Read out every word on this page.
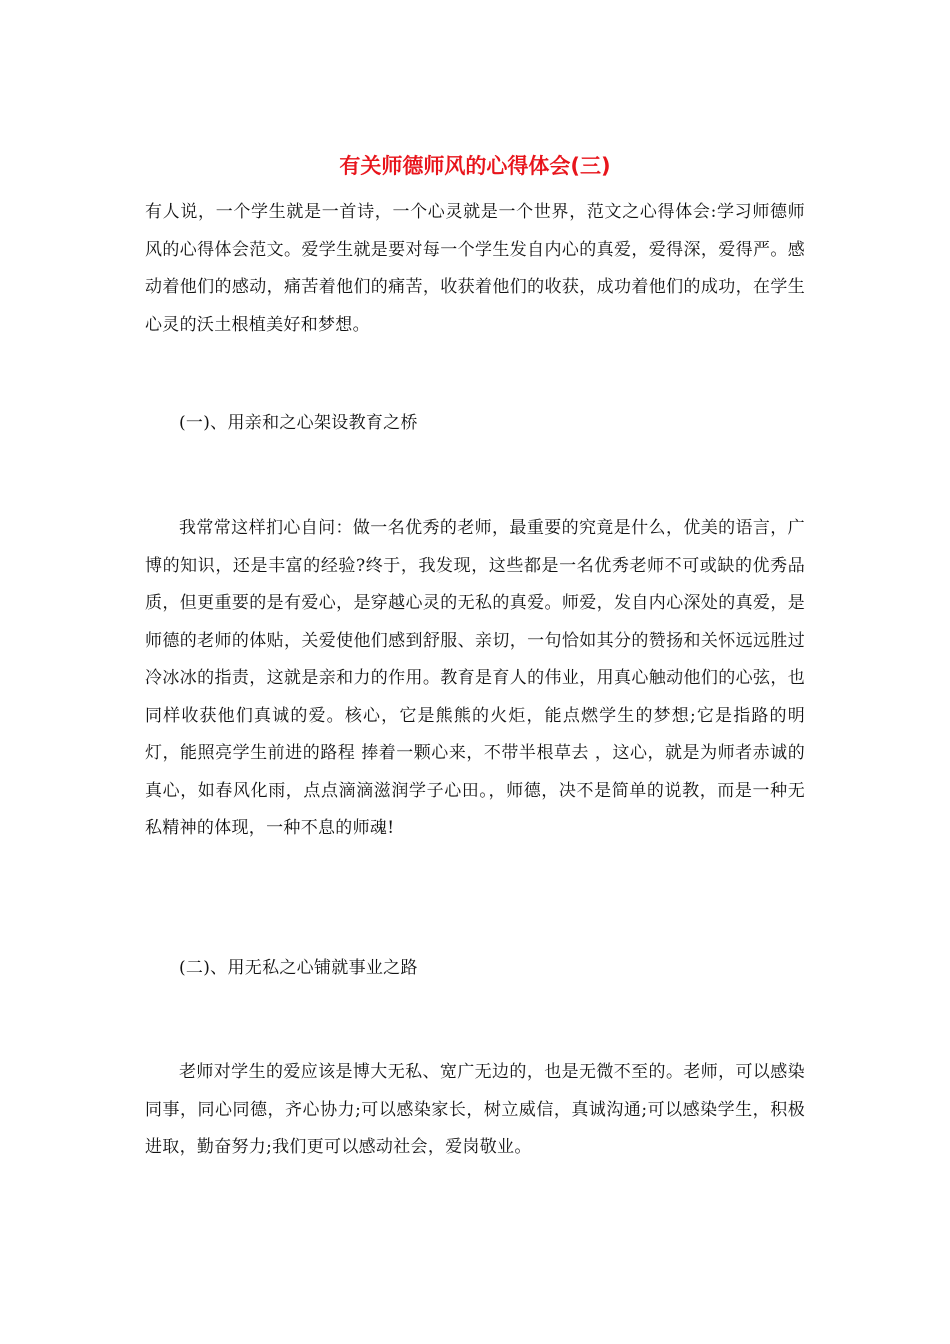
有关师德师风的心得体会(三)

有人说，一个学生就是一首诗，一个心灵就是一个世界，范文之心得体会:学习师德师风的心得体会范文。爱学生就是要对每一个学生发自内心的真爱，爱得深，爱得严。感动着他们的感动，痛苦着他们的痛苦，收获着他们的收获，成功着他们的成功，在学生心灵的沃土根植美好和梦想。

(一)、用亲和之心架设教育之桥

我常常这样扪心自问：做一名优秀的老师，最重要的究竟是什么，优美的语言，广博的知识，还是丰富的经验?终于，我发现，这些都是一名优秀老师不可或缺的优秀品质，但更重要的是有爱心，是穿越心灵的无私的真爱。师爱，发自内心深处的真爱，是师德的老师的体贴，关爱使他们感到舒服、亲切，一句恰如其分的赞扬和关怀远远胜过冷冰冰的指责，这就是亲和力的作用。教育是育人的伟业，用真心触动他们的心弦，也同样收获他们真诚的爱。核心，它是熊熊的火炬，能点燃学生的梦想;它是指路的明灯，能照亮学生前进的路程 捧着一颗心来，不带半根草去 ，这心，就是为师者赤诚的真心，如春风化雨，点点滴滴滋润学子心田。，师德，决不是简单的说教，而是一种无私精神的体现，一种不息的师魂!

(二)、用无私之心铺就事业之路

老师对学生的爱应该是博大无私、宽广无边的，也是无微不至的。老师，可以感染同事，同心同德，齐心协力;可以感染家长，树立威信，真诚沟通;可以感染学生，积极进取，勤奋努力;我们更可以感动社会，爱岗敬业。
